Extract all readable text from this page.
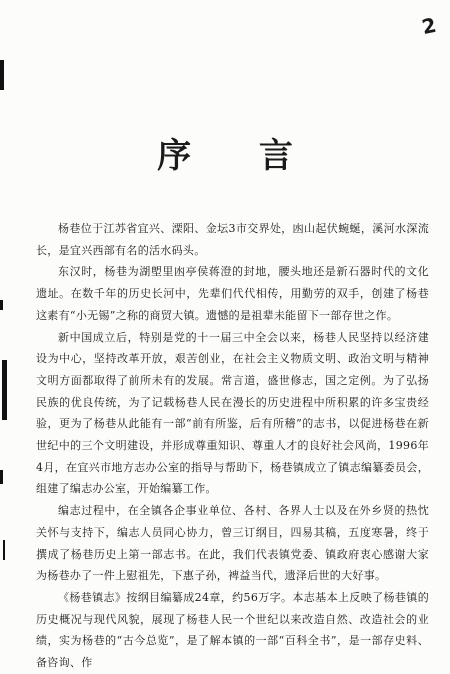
2
序 言

杨巷位于江苏省宜兴、溧阳、金坛3市交界处，凼山起伏蜿蜒，溪河水深流长，是宜兴西部有名的活水码头。

东汉时，杨巷为湖塱里凼亭侯蒋澄的封地，腰头地还是新石器时代的文化遗址。在数千年的历史长河中，先辈们代代相传，用勤劳的双手，创建了杨巷这素有“小无锡”之称的商贸大镇。遗憾的是祖辈未能留下一部存世之作。

新中国成立后，特别是党的十一届三中全会以来，杨巷人民坚持以经济建设为中心，坚持改革开放，艰苦创业，在社会主义物质文明、政治文明与精神文明方面都取得了前所未有的发展。常言道，盛世修志，国之定例。为了弘扬民族的优良传统，为了记载杨巷人民在漫长的历史进程中所积累的许多宝贵经验，更为了杨巷从此能有一部“前有所鉴，后有所稽”的志书，以促进杨巷在新世纪中的三个文明建设，并形成尊重知识、尊重人才的良好社会风尚，1996年4月，在宜兴市地方志办公室的指导与帮助下，杨巷镇成立了镇志编纂委员会，组建了编志办公室，开始编纂工作。

编志过程中，在全镇各企事业单位、各村、各界人士以及在外乡贤的热忱关怀与支持下，编志人员同心协力，曾三订纲目，四易其稿，五度寒暑，终于撰成了杨巷历史上第一部志书。在此，我们代表镇党委、镇政府衷心感谢大家为杨巷办了一件上慰祖先，下惠子孙，裨益当代，遗泽后世的大好事。

《杨巷镇志》按纲目编纂成24章，约56万字。本志基本上反映了杨巷镇的历史概况与现代风貌，展现了杨巷人民一个世纪以来改造自然、改造社会的业绩，实为杨巷的“古今总览”，是了解本镇的一部“百科全书”，是一部存史料、备咨询、作
